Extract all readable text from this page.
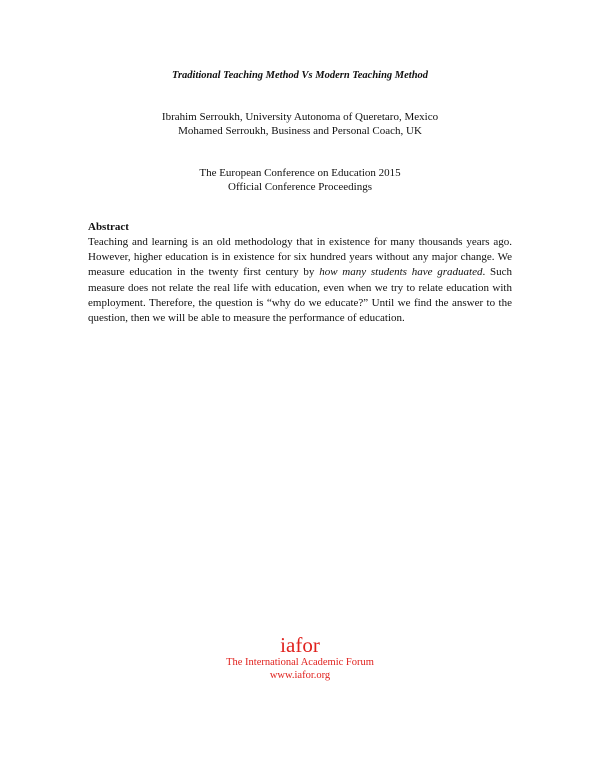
Traditional Teaching Method Vs Modern Teaching Method
Ibrahim Serroukh, University Autonoma of Queretaro, Mexico
Mohamed Serroukh, Business and Personal Coach, UK
The European Conference on Education 2015
Official Conference Proceedings
Abstract
Teaching and learning is an old methodology that in existence for many thousands years ago. However, higher education is in existence for six hundred years without any major change. We measure education in the twenty first century by how many students have graduated. Such measure does not relate the real life with education, even when we try to relate education with employment. Therefore, the question is “why do we educate?” Until we find the answer to the question, then we will be able to measure the performance of education.
iafor
The International Academic Forum
www.iafor.org
